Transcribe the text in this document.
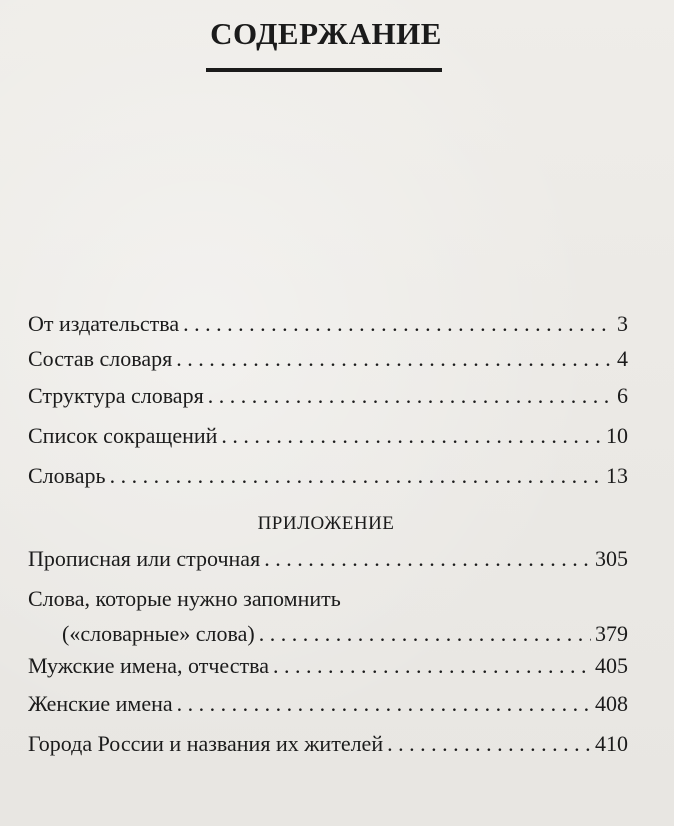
СОДЕРЖАНИЕ
От издательства . . .	3
Состав словаря . . .	4
Структура словаря . . .	6
Список сокращений . . .	10
Словарь . . .	13
ПРИЛОЖЕНИЕ
Прописная или строчная . . .	305
Слова, которые нужно запомнить
(«словарные» слова) . . .	379
Мужские имена, отчества . . .	405
Женские имена . . .	408
Города России и названия их жителей . . .	410
